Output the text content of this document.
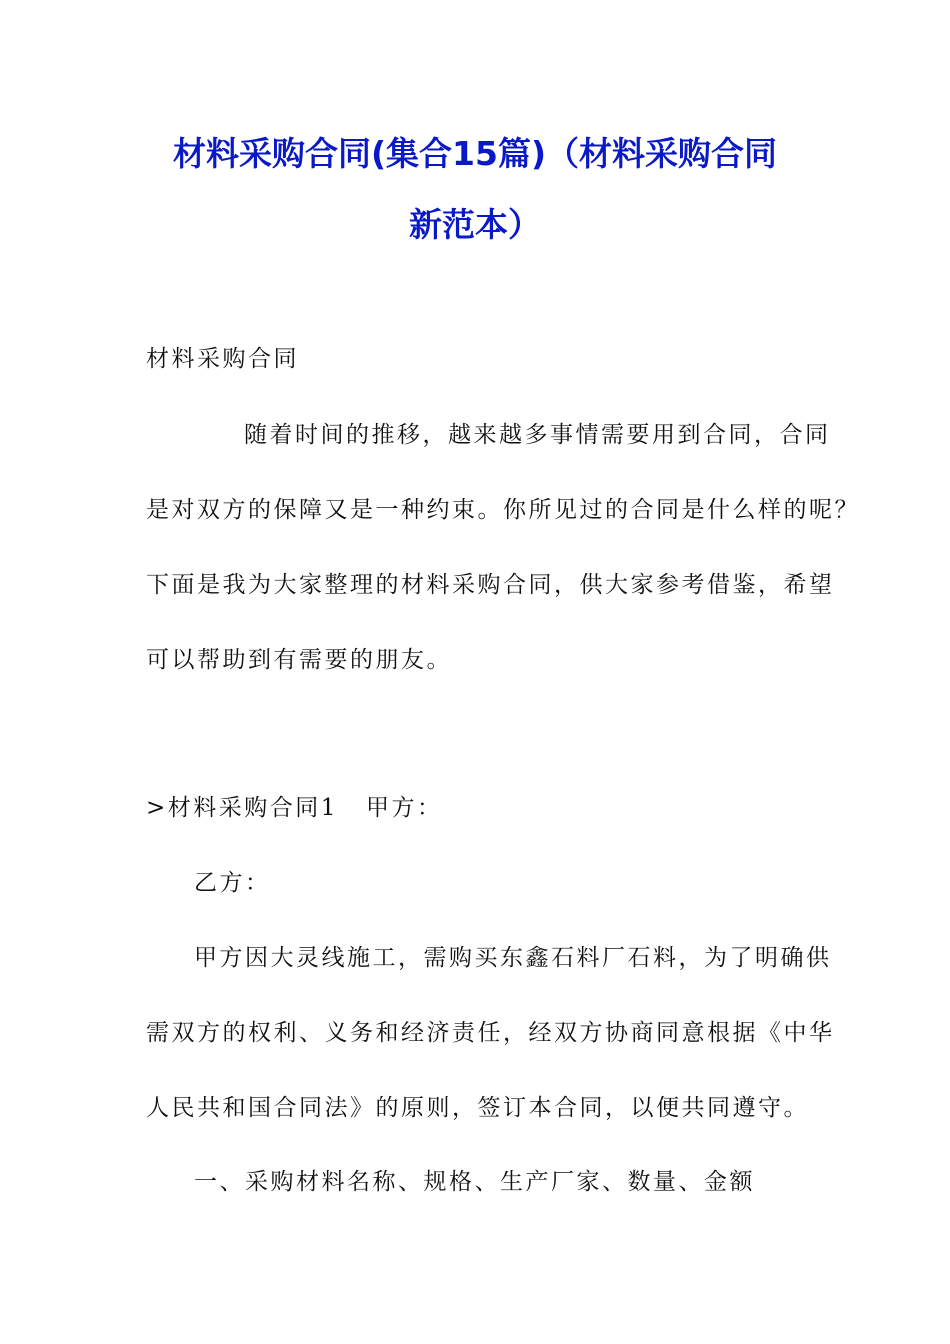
材料采购合同(集合15篇)（材料采购合同
新范本）
材料采购合同
随着时间的推移，越来越多事情需要用到合同，合同
是对双方的保障又是一种约束。你所见过的合同是什么样的呢？
下面是我为大家整理的材料采购合同，供大家参考借鉴，希望
可以帮助到有需要的朋友。
>材料采购合同1 甲方：
乙方：
甲方因大灵线施工，需购买东鑫石料厂石料，为了明确供
需双方的权利、义务和经济责任，经双方协商同意根据《中华
人民共和国合同法》的原则，签订本合同，以便共同遵守。
一、采购材料名称、规格、生产厂家、数量、金额
